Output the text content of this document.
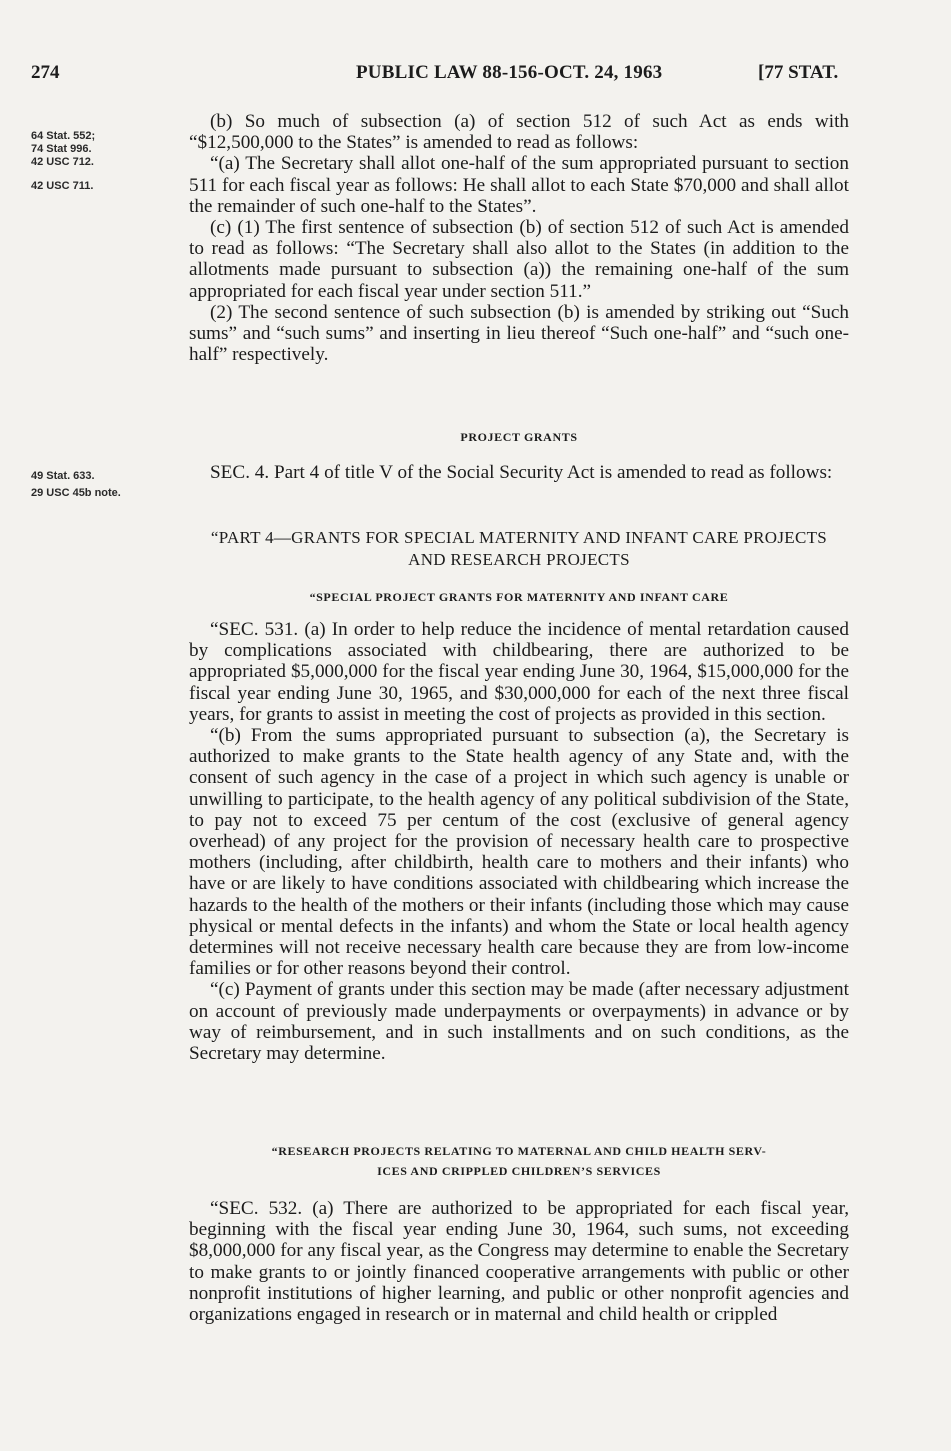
274	PUBLIC LAW 88-156-OCT. 24, 1963	[77 STAT.
64 Stat. 552;
74 Stat 996.
42 USC 712.
42 USC 711.
49 Stat. 633.
29 USC 45b note.

(b) So much of subsection (a) of section 512 of such Act as ends with “$12,500,000 to the States” is amended to read as follows:

“(a) The Secretary shall allot one-half of the sum appropriated pursuant to section 511 for each fiscal year as follows: He shall allot to each State $70,000 and shall allot the remainder of such one-half to the States”.

(c) (1) The first sentence of subsection (b) of section 512 of such Act is amended to read as follows: “The Secretary shall also allot to the States (in addition to the allotments made pursuant to subsection (a)) the remaining one-half of the sum appropriated for each fiscal year under section 511.”

(2) The second sentence of such subsection (b) is amended by striking out “Such sums” and “such sums” and inserting in lieu thereof “Such one-half” and “such one-half” respectively.

PROJECT GRANTS

SEC. 4. Part 4 of title V of the Social Security Act is amended to read as follows:

“PART 4—GRANTS FOR SPECIAL MATERNITY AND INFANT CARE PROJECTS
AND RESEARCH PROJECTS
“SPECIAL PROJECT GRANTS FOR MATERNITY AND INFANT CARE

“SEC. 531. (a) In order to help reduce the incidence of mental retardation caused by complications associated with childbearing, there are authorized to be appropriated $5,000,000 for the fiscal year ending June 30, 1964, $15,000,000 for the fiscal year ending June 30, 1965, and $30,000,000 for each of the next three fiscal years, for grants to assist in meeting the cost of projects as provided in this section.

“(b) From the sums appropriated pursuant to subsection (a), the Secretary is authorized to make grants to the State health agency of any State and, with the consent of such agency in the case of a project in which such agency is unable or unwilling to participate, to the health agency of any political subdivision of the State, to pay not to exceed 75 per centum of the cost (exclusive of general agency overhead) of any project for the provision of necessary health care to prospective mothers (including, after childbirth, health care to mothers and their infants) who have or are likely to have conditions associated with childbearing which increase the hazards to the health of the mothers or their infants (including those which may cause physical or mental defects in the infants) and whom the State or local health agency determines will not receive necessary health care because they are from low-income families or for other reasons beyond their control.

“(c) Payment of grants under this section may be made (after necessary adjustment on account of previously made underpayments or overpayments) in advance or by way of reimbursement, and in such installments and on such conditions, as the Secretary may determine.

“RESEARCH PROJECTS RELATING TO MATERNAL AND CHILD HEALTH SERV-
ICES AND CRIPPLED CHILDREN’S SERVICES

“SEC. 532. (a) There are authorized to be appropriated for each fiscal year, beginning with the fiscal year ending June 30, 1964, such sums, not exceeding $8,000,000 for any fiscal year, as the Congress may determine to enable the Secretary to make grants to or jointly financed cooperative arrangements with public or other nonprofit institutions of higher learning, and public or other nonprofit agencies and organizations engaged in research or in maternal and child health or crippled
